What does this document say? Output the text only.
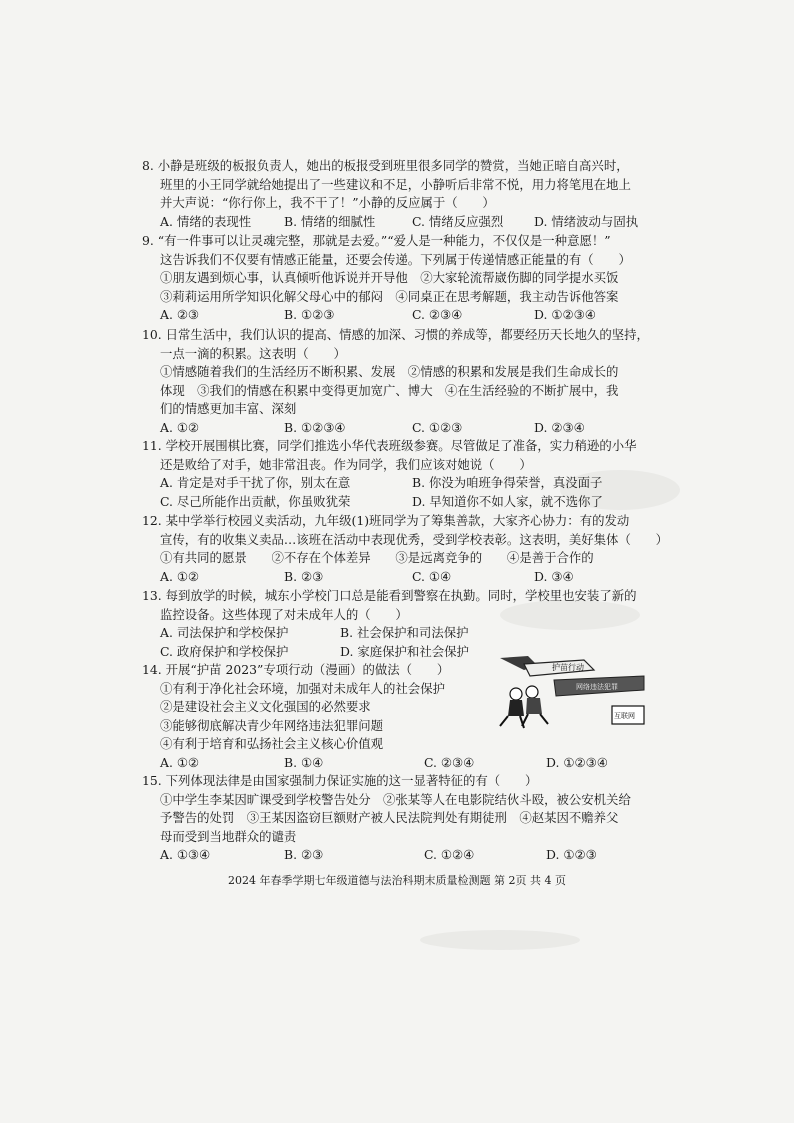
8. 小静是班级的板报负责人，她出的板报受到班里很多同学的赞赏，当她正暗自高兴时，
班里的小王同学就给她提出了一些建议和不足，小静听后非常不悦，用力将笔甩在地上
并大声说：“你行你上，我不干了！”小静的反应属于（　　）
A. 情绪的表现性	B. 情绪的细腻性	C. 情绪反应强烈	D. 情绪波动与固执
9. “有一件事可以让灵魂完整，那就是去爱。”“爱人是一种能力，不仅仅是一种意愿！”
这告诉我们不仅要有情感正能量，还要会传递。下列属于传递情感正能量的有（　　）
①朋友遇到烦心事，认真倾听他诉说并开导他　②大家轮流帮崴伤脚的同学提水买饭
③莉莉运用所学知识化解父母心中的郁闷　④同桌正在思考解题，我主动告诉他答案
A. ②③	B. ①②③	C. ②③④	D. ①②③④
10. 日常生活中，我们认识的提高、情感的加深、习惯的养成等，都要经历天长地久的坚持，
一点一滴的积累。这表明（　　）
①情感随着我们的生活经历不断积累、发展　②情感的积累和发展是我们生命成长的
体现　③我们的情感在积累中变得更加宽广、博大　④在生活经验的不断扩展中，我
们的情感更加丰富、深刻
A. ①②	B. ①②③④	C. ①②③	D. ②③④
11. 学校开展围棋比赛，同学们推选小华代表班级参赛。尽管做足了准备，实力稍逊的小华
还是败给了对手，她非常沮丧。作为同学，我们应该对她说（　　）
A. 肯定是对手干扰了你，别太在意	B. 你没为咱班争得荣誉，真没面子
C. 尽己所能作出贡献，你虽败犹荣	D. 早知道你不如人家，就不选你了
12. 某中学举行校园义卖活动，九年级(1)班同学为了筹集善款，大家齐心协力：有的发动
宣传，有的收集义卖品…该班在活动中表现优秀，受到学校表彰。这表明，美好集体（　　）
①有共同的愿景　　②不存在个体差异　　③是远离竞争的　　④是善于合作的
A. ①②	B. ②③	C. ①④	D. ③④
13. 每到放学的时候，城东小学校门口总是能看到警察在执勤。同时，学校里也安装了新的
监控设备。这些体现了对未成年人的（　　）
A. 司法保护和学校保护	B. 社会保护和司法保护
C. 政府保护和学校保护	D. 家庭保护和社会保护
14. 开展“护苗 2023”专项行动（漫画）的做法（　　）
①有利于净化社会环境，加强对未成年人的社会保护
②是建设社会主义文化强国的必然要求
③能够彻底解决青少年网络违法犯罪问题
④有利于培育和弘扬社会主义核心价值观
A. ①②	B. ①④	C. ②③④	D. ①②③④
护苗行动
网络违法犯罪
互联网
15. 下列体现法律是由国家强制力保证实施的这一显著特征的有（　　）
①中学生李某因旷课受到学校警告处分　②张某等人在电影院结伙斗殴，被公安机关给
予警告的处罚　③王某因盗窃巨额财产被人民法院判处有期徒刑　④赵某因不赡养父
母而受到当地群众的谴责
A. ①③④	B. ②③	C. ①②④	D. ①②③
2024 年春季学期七年级道德与法治科期末质量检测题 第 2页 共 4 页
